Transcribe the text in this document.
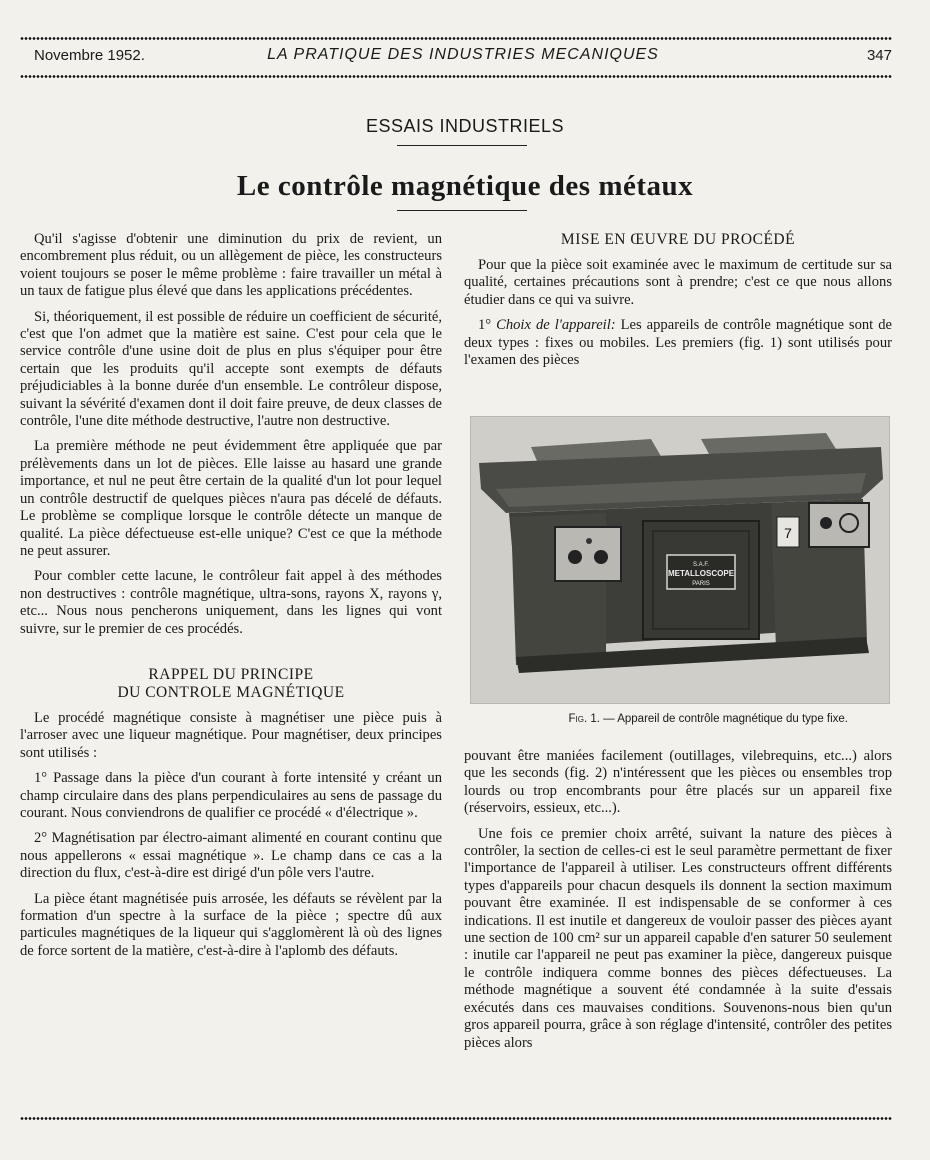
Novembre 1952.	LA PRATIQUE DES INDUSTRIES MECANIQUES	347
ESSAIS INDUSTRIELS
Le contrôle magnétique des métaux

Qu'il s'agisse d'obtenir une diminution du prix de revient, un encombrement plus réduit, ou un allègement de pièce, les constructeurs voient toujours se poser le même problème : faire travailler un métal à un taux de fatigue plus élevé que dans les applications précédentes.

Si, théoriquement, il est possible de réduire un coefficient de sécurité, c'est que l'on admet que la matière est saine. C'est pour cela que le service contrôle d'une usine doit de plus en plus s'équiper pour être certain que les produits qu'il accepte sont exempts de défauts préjudiciables à la bonne durée d'un ensemble. Le contrôleur dispose, suivant la sévérité d'examen dont il doit faire preuve, de deux classes de contrôle, l'une dite méthode destructive, l'autre non destructive.

La première méthode ne peut évidemment être appliquée que par prélèvements dans un lot de pièces. Elle laisse au hasard une grande importance, et nul ne peut être certain de la qualité d'un lot pour lequel un contrôle destructif de quelques pièces n'aura pas décelé de défauts. Le problème se complique lorsque le contrôle détecte un manque de qualité. La pièce défectueuse est-elle unique? C'est ce que la méthode ne peut assurer.

Pour combler cette lacune, le contrôleur fait appel à des méthodes non destructives : contrôle magnétique, ultra-sons, rayons X, rayons γ, etc... Nous nous pencherons uniquement, dans les lignes qui vont suivre, sur le premier de ces procédés.

RAPPEL DU PRINCIPE
DU CONTROLE MAGNÉTIQUE

Le procédé magnétique consiste à magnétiser une pièce puis à l'arroser avec une liqueur magnétique. Pour magnétiser, deux principes sont utilisés :

1° Passage dans la pièce d'un courant à forte intensité y créant un champ circulaire dans des plans perpendiculaires au sens de passage du courant. Nous conviendrons de qualifier ce procédé « d'électrique ».

2° Magnétisation par électro-aimant alimenté en courant continu que nous appellerons « essai magnétique ». Le champ dans ce cas a la direction du flux, c'est-à-dire est dirigé d'un pôle vers l'autre.

La pièce étant magnétisée puis arrosée, les défauts se révèlent par la formation d'un spectre à la surface de la pièce ; spectre dû aux particules magnétiques de la liqueur qui s'agglomèrent là où des lignes de force sortent de la matière, c'est-à-dire à l'aplomb des défauts.

MISE EN ŒUVRE DU PROCÉDÉ

Pour que la pièce soit examinée avec le maximum de certitude sur sa qualité, certaines précautions sont à prendre; c'est ce que nous allons étudier dans ce qui va suivre.

1° Choix de l'appareil: Les appareils de contrôle magnétique sont de deux types : fixes ou mobiles. Les premiers (fig. 1) sont utilisés pour l'examen des pièces

7
S.A.F.
METALLOSCOPE
PARIS
Fig. 1. — Appareil de contrôle magnétique du type fixe.

pouvant être maniées facilement (outillages, vilebrequins, etc...) alors que les seconds (fig. 2) n'intéressent que les pièces ou ensembles trop lourds ou trop encombrants pour être placés sur un appareil fixe (réservoirs, essieux, etc...).

Une fois ce premier choix arrêté, suivant la nature des pièces à contrôler, la section de celles-ci est le seul paramètre permettant de fixer l'importance de l'appareil à utiliser. Les constructeurs offrent différents types d'appareils pour chacun desquels ils donnent la section maximum pouvant être examinée. Il est indispensable de se conformer à ces indications. Il est inutile et dangereux de vouloir passer des pièces ayant une section de 100 cm² sur un appareil capable d'en saturer 50 seulement : inutile car l'appareil ne peut pas examiner la pièce, dangereux puisque le contrôle indiquera comme bonnes des pièces défectueuses. La méthode magnétique a souvent été condamnée à la suite d'essais exécutés dans ces mauvaises conditions. Souvenons-nous bien qu'un gros appareil pourra, grâce à son réglage d'intensité, contrôler des petites pièces alors
